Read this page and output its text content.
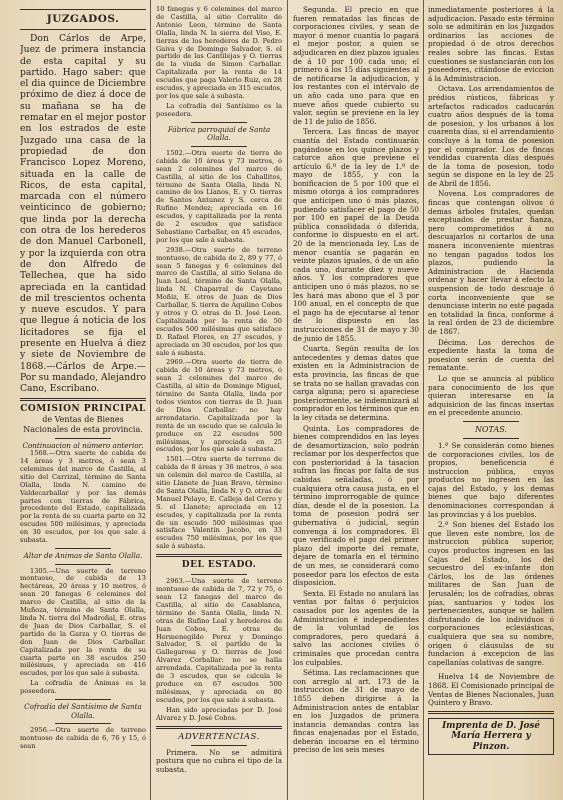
JUZGADOS.

Don Cárlos de Arpe, Juez de primera instancia de esta capital y su partido. Hago saber: que el dia quince de Diciembre próximo de diez á doce de su mañana se ha de rematar en el mejor postor en los estrados de este Juzgado una casa de la propiedad de don Francisco Lopez Moreno, situada en la calle de Ricos, de esta capital, marcada con el número veinticinco de gobierno; que linda por la derecha con otra de los herederos de don Manuel Carbonell, y por la izquierda con otra de don Alfredo de Tellechea, que ha sido apreciada en la cantidad de mil trescientos ochenta y nueve escudos. Y para que llegue á noticia de los licitadores se fija el presente en Huelva á diez y siete de Noviembre de 1868.—Cárlos de Arpe.—Por su mandado, Alejandro Cano, Escribano.

COMISION PRINCIPAL
de Ventas de Bienes Nacionales de esta provincia.
Continuacion al número anterior.

1568.—Otra suerte de cabida de 14 áreas y 3 metros, ó sean 3 celemines del marco de Castilla, al sitio del Carrizal, término de Santa Olalla, linda N. camino de Valdecarballar y por las demás partes con tierras de Fábrica, procedente del Estado, capitalizada por la renta de su cuarta parte en 32 escudos 500 milésimas, y apreciada en 30 escudos, por los que sale á subasta.

Altar de Animas de Santa Olalla.

1305.—Una suerte de terreno montuoso, de cabida de 13 hectáreas, 20 áreas y 10 metros, ó sean 20 fanegas 6 celemines del marco de Castilla, al sitio de la Muñoza, término de Santa Olalla, linda N. tierra del Madroñal, E. otras de Juan de Dios Carballar, S. el partido de la Garza y O. tierras de don Juan de Dios Carballar. Capitalizada por la renta de su cuarta parte en 38 escudos 250 milésimas, y apreciada en 416 escudos, por los que sale á subasta.

La cofradía de Ánimas es la poseedora.

Cofradía del Santísimo de Santa Olalla.

2956.—Otra suerte de terreno montuoso de cabida de 6, 76 y 15, ó sean

10 fanegas y 6 celemines del marco de Castilla, al sitio Corralito de Antonio Leon, término de Santa Olalla, linda N. la sierra del Viso, E. tierras de los herederos de D. Pedro Gaiva y de Domingo Salvador, S. el partido de las Cantilejas y O. tierras de la viuda de Simon Carballar. Capitalizada por la renta de 14 escudos que paga Valerio Ruiz, en 28 escudos, y apreciada en 315 escudos, por los que sale á subasta.

La cofradía del Santísimo es la poseedora.

Fábrica parroquial de Santa Olalla.

1502.—Otra suerte de tierra de cabida de 10 áreas y 73 metros, ó sean 2 celemines del marco de Castilla, al sitio de los Caballitos, término de Santa Olalla, linda N. camino de los Llanos, E. y O. tierras de Santos Antunez y S. cerca de Rufino Mendez; apreciada en 16 escudos, y capitalizada por la renta de 2 escudos que satisface Sebastiano Carballar, en 45 escudos, por los que sale á subasta.

2938.—Otra suerte de terreno montuoso, de cabida de 2, 89 y 77, ó sean 5 fanegas y 6 celemines del marco de Castilla, al sitio Solana de Juan Leal, término de Santa Olalla, linda N. Chaparral de Cayetano Moñiz, E. otros de Juan de Dios Carballar, S. tierra de Aquilino Cobos y otros y O. otras de D. José Leon. Capitalizada por la renta de 50 escudos 500 milésimas que satisface D. Rafael Flores, en 27 escudos, y apreciada en 30 escudos, por los que sale á subasta.

2969.—Otra suerte de tierra de cabida de 10 áreas y 73 metros, ó sean 2 celemines del marco de Castilla, al sitio de Domingo Miguel, término de Santa Olalla, linda por todos vientos con tierras de D. Juan de Dios Carballar: no hay arrendatario. Capitalizada por la renta de un escudo que se calcula le produce en 22 escudos 500 milésimas, y apreciada en 25 escudos, por los que sale á subasta.

1501.—Otra suerte de terreno de cabida de 8 áreas y 36 metros, ó sea un celemin del marco de Castilla, al sitio Llanete de Juan Bravo, término de Santa Olalla, linda N. y O. otras de Manuel Pelayo, E. Calleja del Cerro y S. el Llanete; apreciada en 12 escudos, y capitalizada por la renta de un escudo 500 milésimas que satisface Valentín Jacobo, en 33 escudos 750 milésimas, por los que sale á subasta.

DEL ESTADO.

2963.—Una suerte de terreno montuoso de cabida de 7, 72 y 75, ó sean 12 fanegas del marco de Castilla, al sitio de Casablanca, término de Santa Olalla, linda N. otras de Rufino Leal y herederos de Juan Cobos, E. otras de Hermenegildo Perez y Domingo Salvador, S. el partido de la Gallegarosa y O. tierras de José Álvarez Corballar: no se halla arrendada. Capitalizada por la renta de 3 escudos, que se calcula le produce en 67 escudos 500 milésimas, y apreciada en 80 escudos, por los que sale á subasta.

Han sido apreciadas por D. José Álvarez y D. José Cobos.

ADVERTENCIAS.

Primera. No se admitirá postura que no cubra el tipo de la subasta.

Segunda. El precio en que fueren rematadas las fincas de corporaciones civiles, y sean de mayor ó menor cuantía lo pagará el mejor postor, a quien se adjudicaren en diez plazos iguales de á 10 por 100 cada uno; el primero á los 15 días siguientes al de notificarse la adjudicacion, y los restantes con el intérvalo de un año cada uno para que en nueve años quede cubierto su valor, según se previene en la ley de 11 de julio de 1856.

Tercera. Las fincas de mayor cuantía del Estado continuarán pagándose en los quince plazos y catorce años que previene el artículo 6.º de la ley de 1.º de mayo de 1855, y con la bonificacion de 5 por 100 que el mismo otorga á los compradores que anticipen uno ó más plazos, pudiendo satisfacer el pago de 50 por 100 en papel de la Deuda pública consolidada ó diferida, conforme lo dispuesto en el art. 20 de la mencionada ley. Las de menor cuantía se pagarán en veinte plazos iguales, ó de un año cada uno, durante diez y nueve años. Y los compradores que anticipen uno ó más plazos, no se les hará mas abono que el 3 por 100 anual, en el concepto de que el pago ha de ejecutarse al tenor de lo dispuesto en las instrucciones de 31 de mayo y 30 de junio de 1855.

Cuarta. Según resulta de los antecedentes y demas datos que existen en la Administracion de esta provincia, las fincas de que se trata no se hallan gravadas con carga alguna; pero si apareciese posteriormente, se indemnizará al comprador en los términos que en la ley citada se determina.

Quinta. Los compradores de bienes comprendidos en las leyes de desamortizacion, solo podrán reclamar por los desperfectos que con posterioridad á la tasacion sufran las fincas por falta de sus cabidas señaladas, ó por cualquiera otra causa justa, en el término improrrogable de quince días, desde el de la posesion. La toma de posesion podrá ser gubernativa ó judicial, según convenga á los compradores. El que verificado el pago del primer plazo del importe del remate, dejare de tomarla en el término de un mes, se considerará como poseedor para los efectos de esta disposicion.

Sexta. El Estado no anulará las ventas por faltas ó perjuicios causados por los agentes de la Administracion é independientes de la voluntad de los compradores, pero quedará á salvo las acciones civiles ó criminales que procedan contra los culpables.

Sétima. Las reclamaciones que con arreglo al art. 173 de la instruccion de 31 de mayo de 1855 deben dirigirse á la Administracion antes de entablar en los Juzgados de primera instancia demandas contra las fincas enajenadas por el Estado, deberán incoarse en el término preciso de los seis meses

inmediatamente posteriores á la adjudicacion. Pasado este término solo se admitirán en los Juzgados ordinarios las acciones de propiedad ó de otros derechos reales sobre las fincas. Estas cuestiones se sustanciarán con los poseedores, citándose de eviccion á la Administracion.

Octava. Los arrendamientos de prédios rústicos, fábricas y artefactos radicados caducarán cuatro años después de la toma de posesion, y los urbanos á los cuarenta días, si el arrendamiento concluye á la toma de posesion por el comprador. Los de fincas vendidas cuarenta días después de la toma de posesion, todo según se dispone en la ley de 25 de Abril de 1856.

Novena. Los compradores de fincas que contengan olivos ó demas árboles frutales, quedan exceptuados de prestar fianza, pero comprometidos á no descuajarlos ni cortarlos de una manera inconveniente mientras no tengan pagados todos los plazos, pudiendo la Administracion de Hacienda ordenar y hacer llevar á efecto la suspension de todo descuaje ó corta inconveniente que se denunciase interin no esté pagada en totalidad la finca, conforme á la real órden de 23 de diciembre de 1867.

Décima. Los derechos de expediente hasta la toma de posesion serán de cuenta del rematante.

Lo que se anuncia al público para conocimiento de los que quieran interesarse en la adquisicion de las fincas insertas en el precedente anuncio.

NOTAS.

1.ª Se considerán como bienes de corporaciones civiles, los de propios, beneficencia é instruccion pública, cuyos productos no ingresen en las cajas del Estado, y los demas bienes que bajo diferentes denominaciones correspondan á las provincias y á los pueblos.

2.ª Son bienes del Estado los que lleven este nombre, los de instruccion pública superior, cuyos productos ingresen en las Cajas del Estado, los del secuestro del ex-infante don Cárlos, los de las órdenes militares de San Juan de Jerusalén; los de cofradías, obras pías, santuarios y todos los pertenecientes, aunque se hallen disfrutando de los individuos ó corporaciones eclesiásticas, cualquiera que sea su nombre, origen ó cláusulas de su fundacion á excepcion de las capellanías colativas de sangre.

Huelva 14 de Noviembre de 1868. El Comisionado principal de Ventas de Bienes Nacionales, Juan Quintero y Bravo.

Imprenta de D. José María Herrera y Pinzon.
